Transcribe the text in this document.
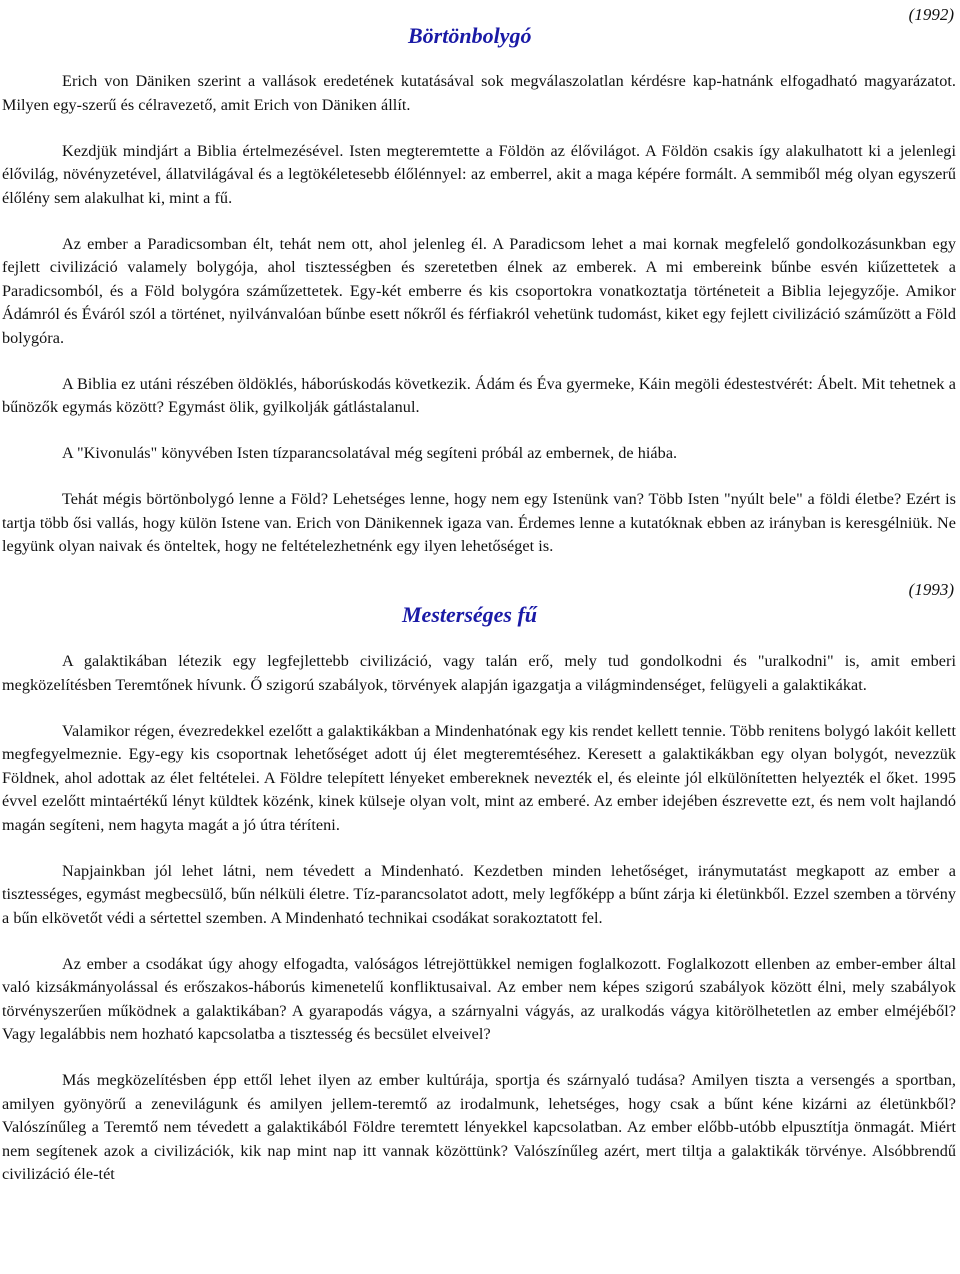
(1992)
Börtönbolygó

Erich von Däniken szerint a vallások eredetének kutatásával sok megválaszolatlan kérdésre kap-hatnánk elfogadható magyarázatot. Milyen egy-szerű és célravezető, amit Erich von Däniken állít.

Kezdjük mindjárt a Biblia értelmezésével. Isten megteremtette a Földön az élővilágot. A Földön csakis így alakulhatott ki a jelenlegi élővilág, növényzetével, állatvilágával és a legtökéletesebb élőlénnyel: az emberrel, akit a maga képére formált. A semmiből még olyan egyszerű élőlény sem alakulhat ki, mint a fű.

Az ember a Paradicsomban élt, tehát nem ott, ahol jelenleg él. A Paradicsom lehet a mai kornak megfelelő gondolkozásunkban egy fejlett civilizáció valamely bolygója, ahol tisztességben és szeretetben élnek az emberek. A mi embereink bűnbe esvén kiűzettetek a Paradicsomból, és a Föld bolygóra száműzettetek. Egy-két emberre és kis csoportokra vonatkoztatja történeteit a Biblia lejegyzője. Amikor Ádámról és Éváról szól a történet, nyilvánvalóan bűnbe esett nőkről és férfiakról vehetünk tudomást, kiket egy fejlett civilizáció száműzött a Föld bolygóra.

A Biblia ez utáni részében öldöklés, háborúskodás következik. Ádám és Éva gyermeke, Káin megöli édestestvérét: Ábelt. Mit tehetnek a bűnözők egymás között? Egymást ölik, gyilkolják gátlástalanul.

A "Kivonulás" könyvében Isten tízparancsolatával még segíteni próbál az embernek, de hiába.

Tehát mégis börtönbolygó lenne a Föld? Lehetséges lenne, hogy nem egy Istenünk van? Több Isten "nyúlt bele" a földi életbe? Ezért is tartja több ősi vallás, hogy külön Istene van. Erich von Dänikennek igaza van. Érdemes lenne a kutatóknak ebben az irányban is keresgélniük. Ne legyünk olyan naivak és önteltek, hogy ne feltételezhetnénk egy ilyen lehetőséget is.

(1993)
Mesterséges fű

A galaktikában létezik egy legfejlettebb civilizáció, vagy talán erő, mely tud gondolkodni és "uralkodni" is, amit emberi megközelítésben Teremtőnek hívunk. Ő szigorú szabályok, törvények alapján igazgatja a világmindenséget, felügyeli a galaktikákat.

Valamikor régen, évezredekkel ezelőtt a galaktikákban a Mindenhatónak egy kis rendet kellett tennie. Több renitens bolygó lakóit kellett megfegyelmeznie. Egy-egy kis csoportnak lehetőséget adott új élet megteremtéséhez. Keresett a galaktikákban egy olyan bolygót, nevezzük Földnek, ahol adottak az élet feltételei. A Földre telepített lényeket embereknek nevezték el, és eleinte jól elkülönítetten helyezték el őket. 1995 évvel ezelőtt mintaértékű lényt küldtek közénk, kinek külseje olyan volt, mint az emberé. Az ember idejében észrevette ezt, és nem volt hajlandó magán segíteni, nem hagyta magát a jó útra téríteni.

Napjainkban jól lehet látni, nem tévedett a Mindenható. Kezdetben minden lehetőséget, iránymutatást megkapott az ember a tisztességes, egymást megbecsülő, bűn nélküli életre. Tíz-parancsolatot adott, mely legfőképp a bűnt zárja ki életünkből. Ezzel szemben a törvény a bűn elkövetőt védi a sértettel szemben. A Mindenható technikai csodákat sorakoztatott fel.

Az ember a csodákat úgy ahogy elfogadta, valóságos létrejöttükkel nemigen foglalkozott. Foglalkozott ellenben az ember-ember által való kizsákmányolással és erőszakos-háborús kimenetelű konfliktusaival. Az ember nem képes szigorú szabályok között élni, mely szabályok törvényszerűen működnek a galaktikában? A gyarapodás vágya, a szárnyalni vágyás, az uralkodás vágya kitörölhetetlen az ember elméjéből? Vagy legalábbis nem hozható kapcsolatba a tisztesség és becsület elveivel?

Más megközelítésben épp ettől lehet ilyen az ember kultúrája, sportja és szárnyaló tudása? Amilyen tiszta a versengés a sportban, amilyen gyönyörű a zenevilágunk és amilyen jellem-teremtő az irodalmunk, lehetséges, hogy csak a bűnt kéne kizárni az életünkből? Valószínűleg a Teremtő nem tévedett a galaktikából Földre teremtett lényekkel kapcsolatban. Az ember előbb-utóbb elpusztítja önmagát. Miért nem segítenek azok a civilizációk, kik nap mint nap itt vannak közöttünk? Valószínűleg azért, mert tiltja a galaktikák törvénye. Alsóbbrendű civilizáció éle-tét
